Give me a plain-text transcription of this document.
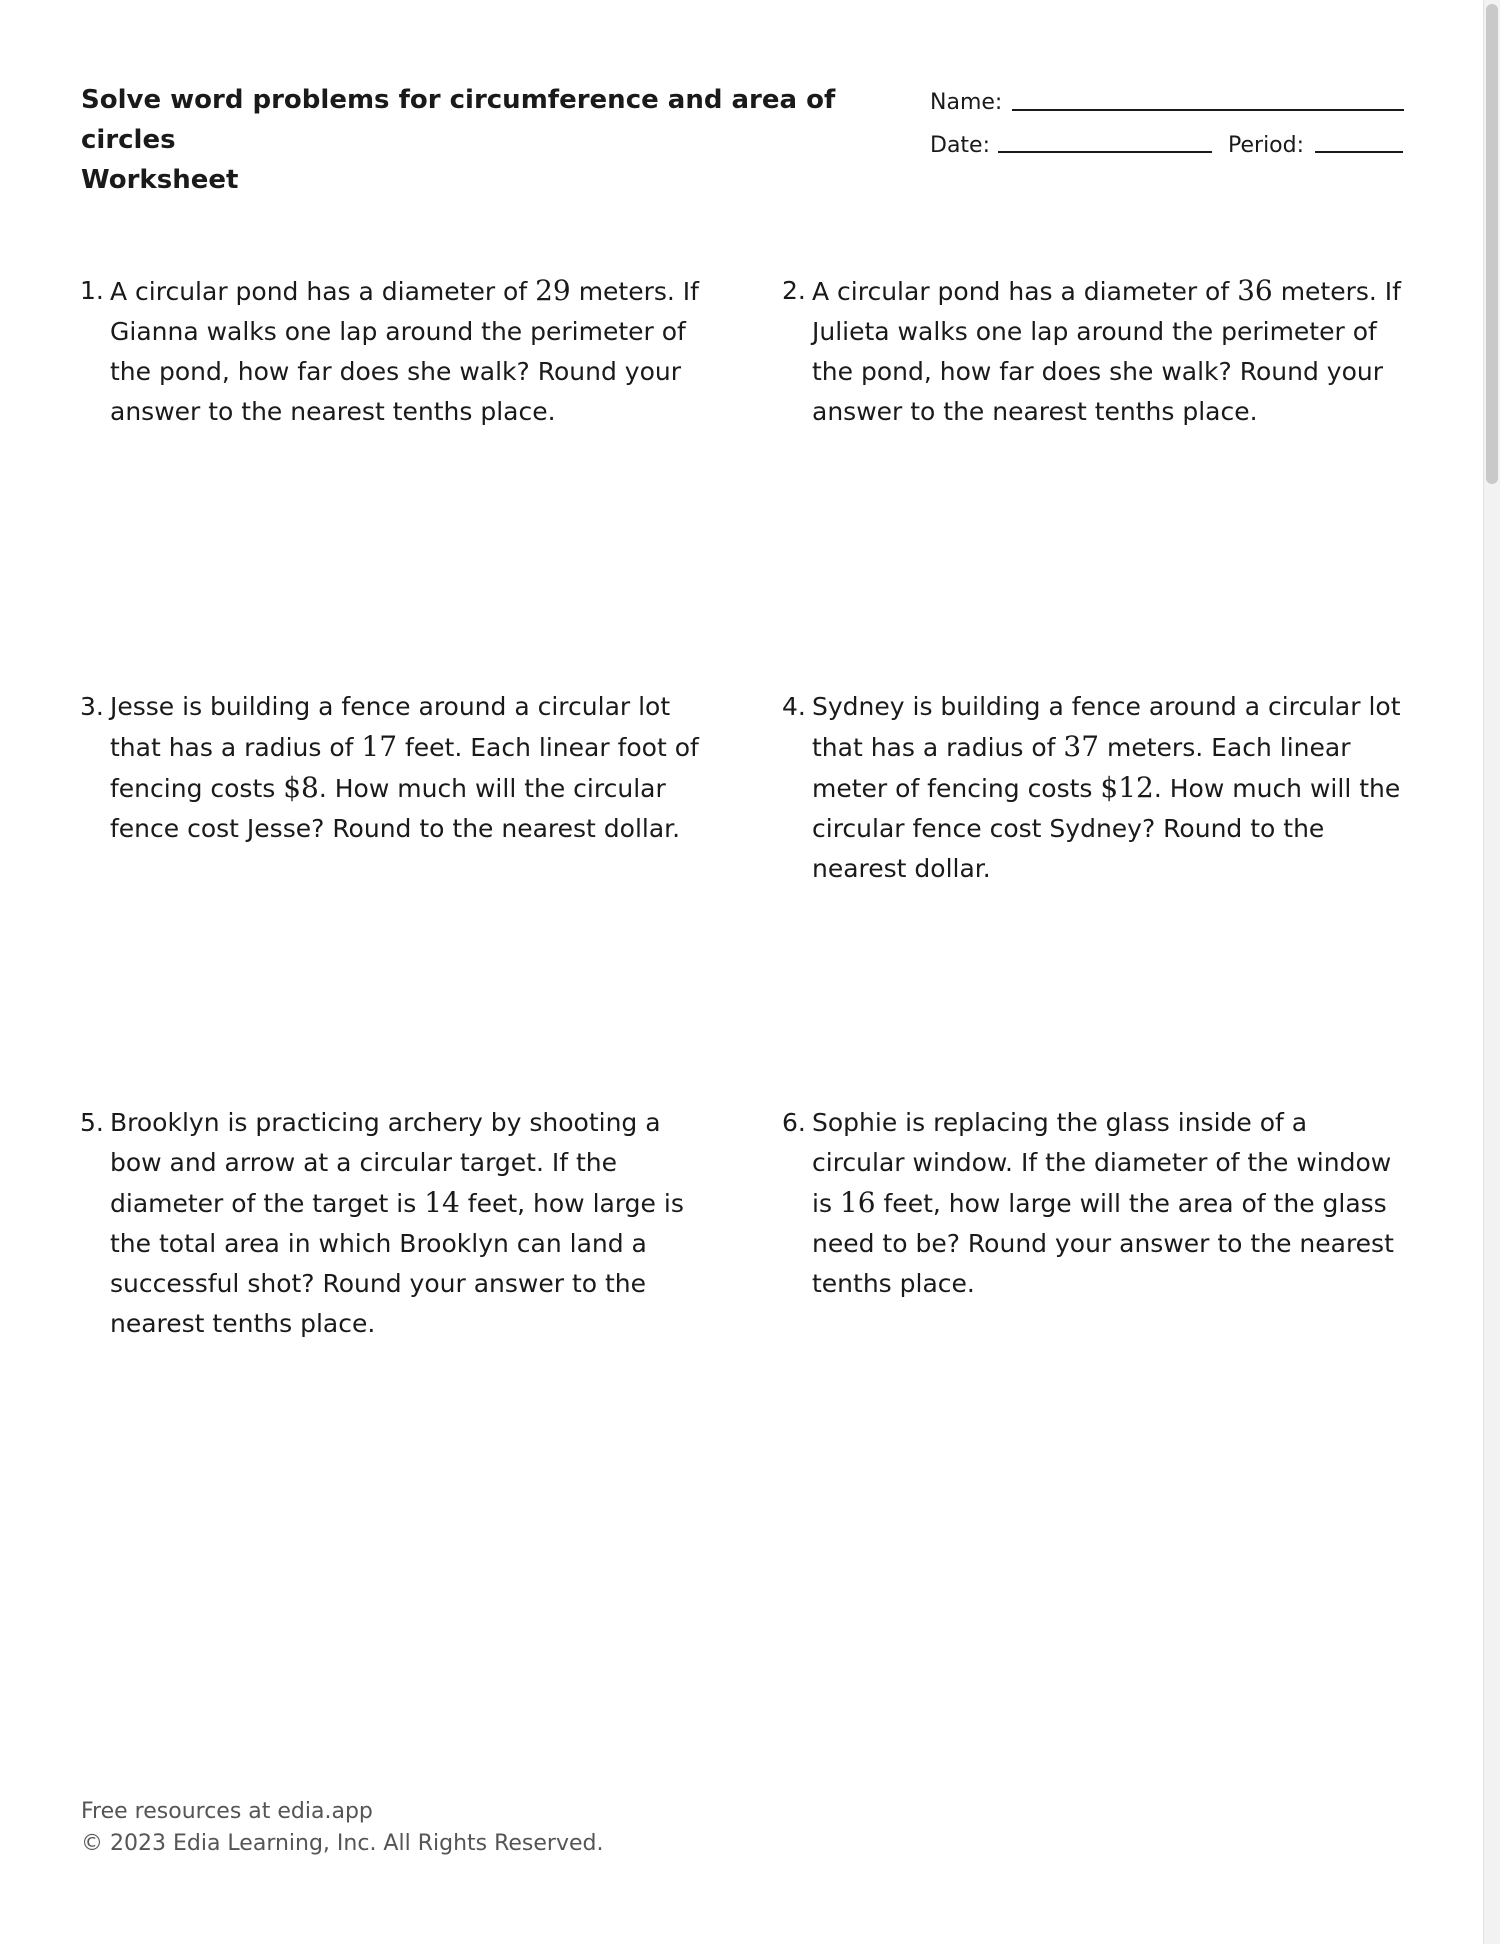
Solve word problems for circumference and area of circles
Worksheet
Name:
Date:	Period:
1. A circular pond has a diameter of 29 meters. If Gianna walks one lap around the perimeter of the pond, how far does she walk? Round your answer to the nearest tenths place.
2. A circular pond has a diameter of 36 meters. If Julieta walks one lap around the perimeter of the pond, how far does she walk? Round your answer to the nearest tenths place.
3. Jesse is building a fence around a circular lot that has a radius of 17 feet. Each linear foot of fencing costs $8. How much will the circular fence cost Jesse? Round to the nearest dollar.
4. Sydney is building a fence around a circular lot that has a radius of 37 meters. Each linear meter of fencing costs $12. How much will the circular fence cost Sydney? Round to the nearest dollar.
5. Brooklyn is practicing archery by shooting a bow and arrow at a circular target. If the diameter of the target is 14 feet, how large is the total area in which Brooklyn can land a successful shot? Round your answer to the nearest tenths place.
6. Sophie is replacing the glass inside of a circular window. If the diameter of the window is 16 feet, how large will the area of the glass need to be? Round your answer to the nearest tenths place.
Free resources at edia.app
© 2023 Edia Learning, Inc. All Rights Reserved.
